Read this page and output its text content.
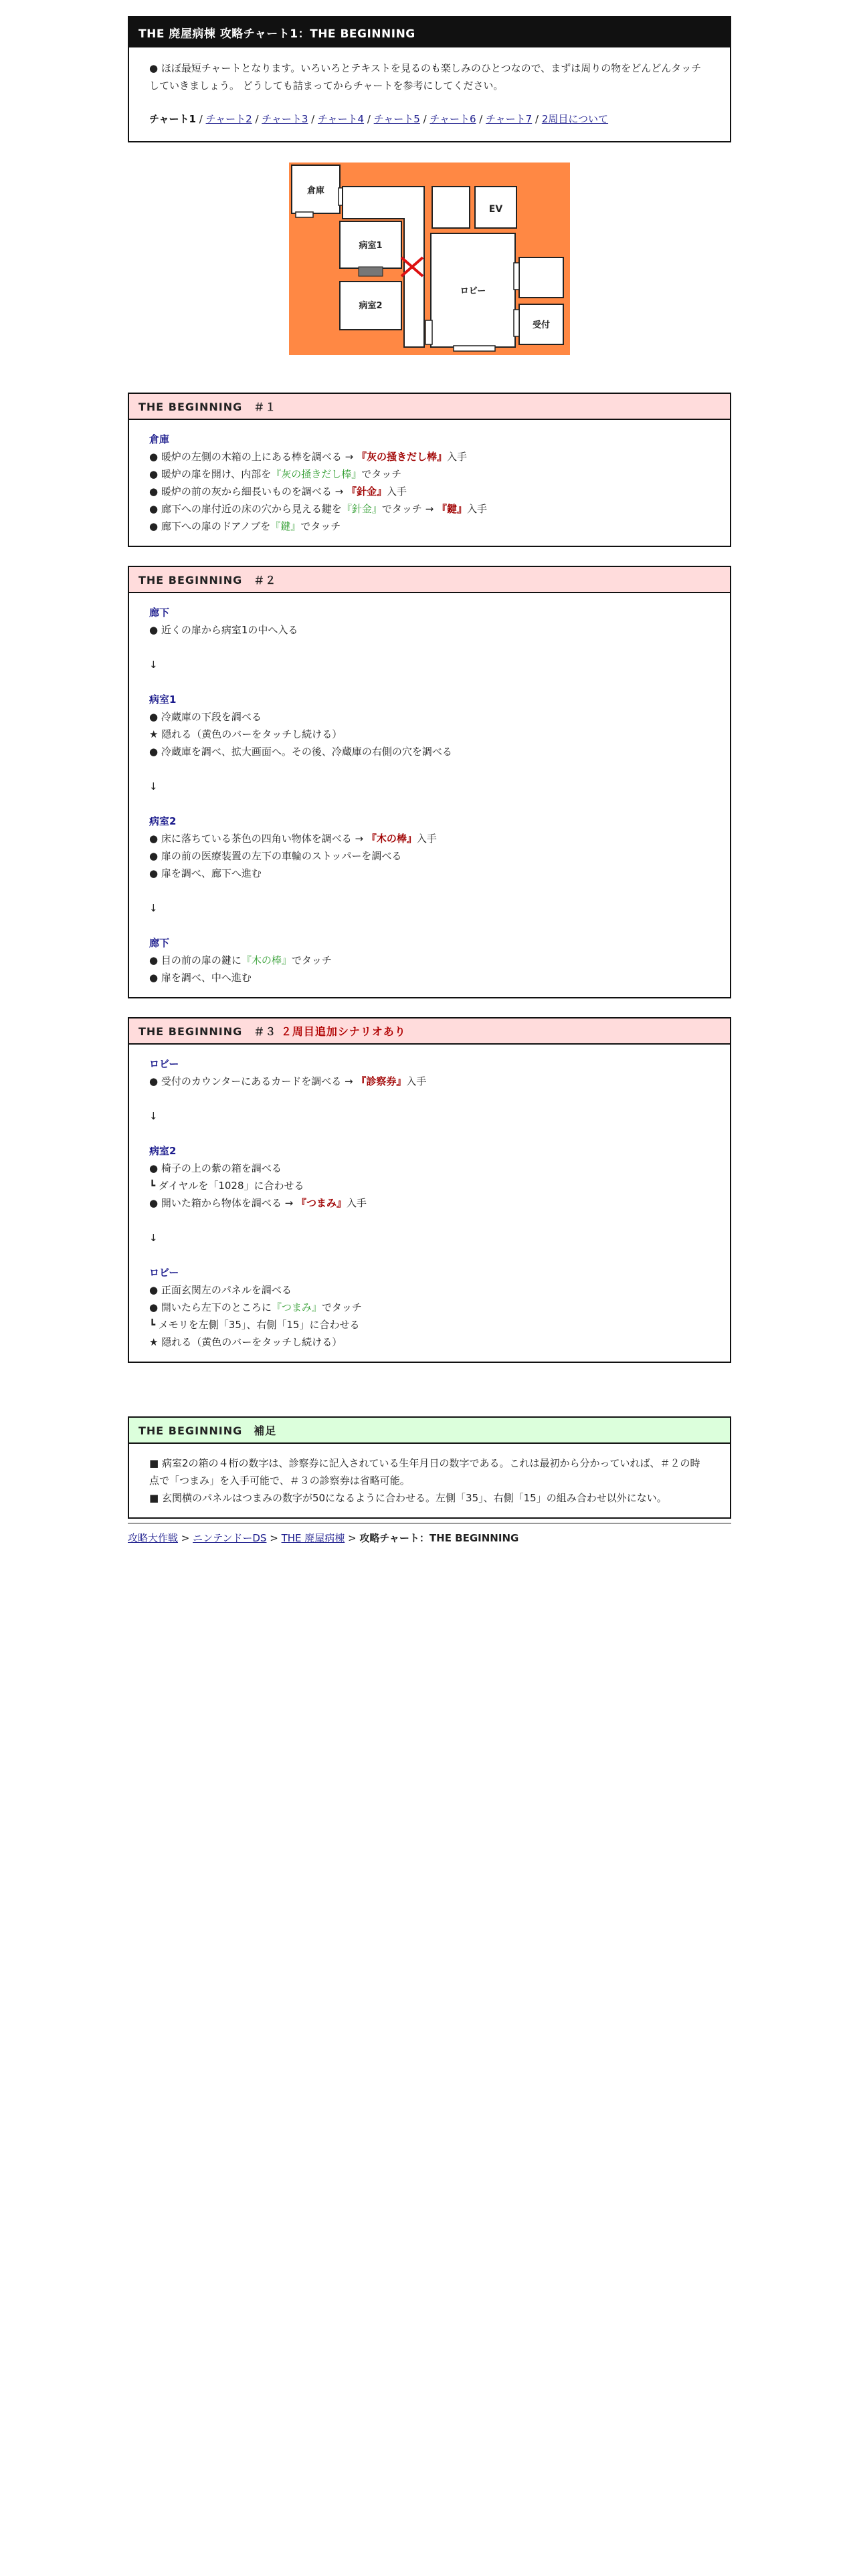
THE 廃屋病棟 攻略チャート1：THE BEGINNING

● ほぼ最短チャートとなります。いろいろとテキストを見るのも楽しみのひとつなので、まずは周りの物をどんどんタッチしていきましょう。 どうしても詰まってからチャートを参考にしてください。

チャート1 / チャート2 / チャート3 / チャート4 / チャート5 / チャート6 / チャート7 / 2周目について
倉庫
病室1
病室2
ロビー
EV
受付
THE BEGINNING　＃１
倉庫
● 暖炉の左側の木箱の上にある棒を調べる → 『灰の掻きだし棒』入手
● 暖炉の扉を開け、内部を『灰の掻きだし棒』でタッチ
● 暖炉の前の灰から細長いものを調べる → 『針金』入手
● 廊下への扉付近の床の穴から見える鍵を『針金』でタッチ → 『鍵』入手
● 廊下への扉のドアノブを『鍵』でタッチ
THE BEGINNING　＃２
廊下
● 近くの扉から病室1の中へ入る
↓
病室1
● 冷蔵庫の下段を調べる
★ 隠れる（黄色のバーをタッチし続ける）
● 冷蔵庫を調べ、拡大画面へ。その後、冷蔵庫の右側の穴を調べる
↓
病室2
● 床に落ちている茶色の四角い物体を調べる → 『木の棒』入手
● 扉の前の医療装置の左下の車輪のストッパーを調べる
● 扉を調べ、廊下へ進む
↓
廊下
● 目の前の扉の鍵に『木の棒』でタッチ
● 扉を調べ、中へ進む
THE BEGINNING　＃３ ２周目追加シナリオあり
ロビー
● 受付のカウンターにあるカードを調べる → 『診察券』入手
↓
病室2
● 椅子の上の紫の箱を調べる
┗ ダイヤルを「1028」に合わせる
● 開いた箱から物体を調べる → 『つまみ』入手
↓
ロビー
● 正面玄関左のパネルを調べる
● 開いたら左下のところに『つまみ』でタッチ
┗ メモリを左側「35」、右側「15」に合わせる
★ 隠れる（黄色のバーをタッチし続ける）
THE BEGINNING　補足

■ 病室2の箱の４桁の数字は、診察券に記入されている生年月日の数字である。これは最初から分かっていれば、＃２の時点で「つまみ」を入手可能で、＃３の診察券は省略可能。

■ 玄関横のパネルはつまみの数字が50になるように合わせる。左側「35」、右側「15」の組み合わせ以外にない。

攻略大作戦 > ニンテンドーDS > THE 廃屋病棟 > 攻略チャート：THE BEGINNING
